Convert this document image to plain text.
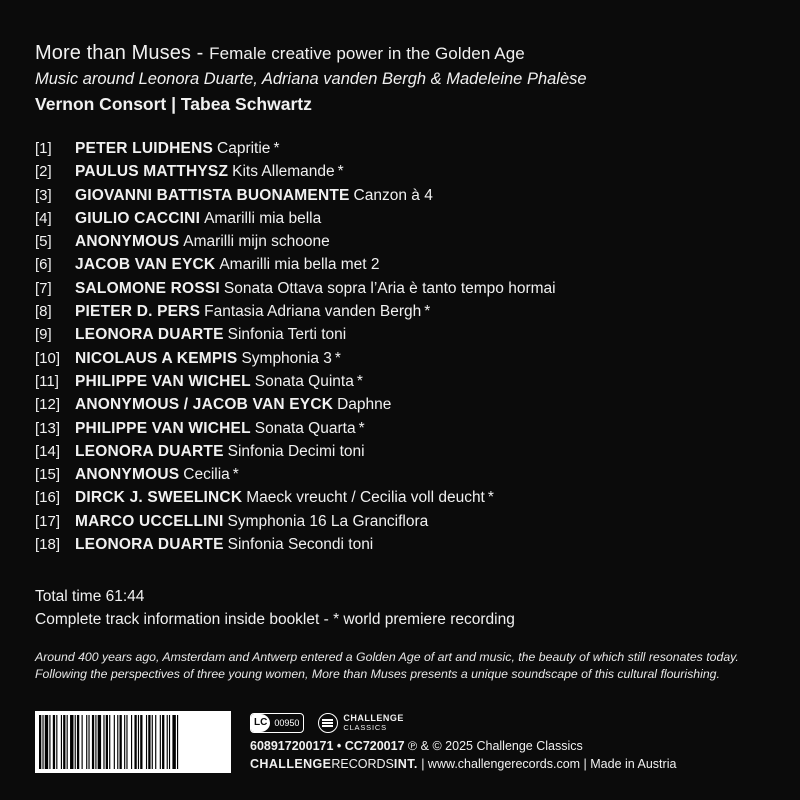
More than Muses - Female creative power in the Golden Age
Music around Leonora Duarte, Adriana vanden Bergh & Madeleine Phalèse
Vernon Consort | Tabea Schwartz
[1] PETER LUIDHENS Capritie *
[2] PAULUS MATTHYSZ Kits Allemande *
[3] GIOVANNI BATTISTA BUONAMENTE Canzon à 4
[4] GIULIO CACCINI Amarilli mia bella
[5] ANONYMOUS Amarilli mijn schoone
[6] JACOB VAN EYCK Amarilli mia bella met 2
[7] SALOMONE ROSSI Sonata Ottava sopra l’Aria è tanto tempo hormai
[8] PIETER D. PERS Fantasia Adriana vanden Bergh *
[9] LEONORA DUARTE Sinfonia Terti toni
[10] NICOLAUS A KEMPIS Symphonia 3 *
[11] PHILIPPE VAN WICHEL Sonata Quinta *
[12] ANONYMOUS / JACOB VAN EYCK Daphne
[13] PHILIPPE VAN WICHEL Sonata Quarta *
[14] LEONORA DUARTE Sinfonia Decimi toni
[15] ANONYMOUS Cecilia *
[16] DIRCK J. SWEELINCK Maeck vreucht / Cecilia voll deucht *
[17] MARCO UCCELLINI Symphonia 16 La Granciflora
[18] LEONORA DUARTE Sinfonia Secondi toni
Total time 61:44
Complete track information inside booklet - * world premiere recording
Around 400 years ago, Amsterdam and Antwerp entered a Golden Age of art and music, the beauty of which still resonates today. Following the perspectives of three young women, More than Muses presents a unique soundscape of this cultural flourishing.
LC 00950	CHALLENGE
CLASSICS
608917200171 • CC720017 ℗ & © 2025 Challenge Classics
CHALLENGERECORDSINT. | www.challengerecords.com | Made in Austria
